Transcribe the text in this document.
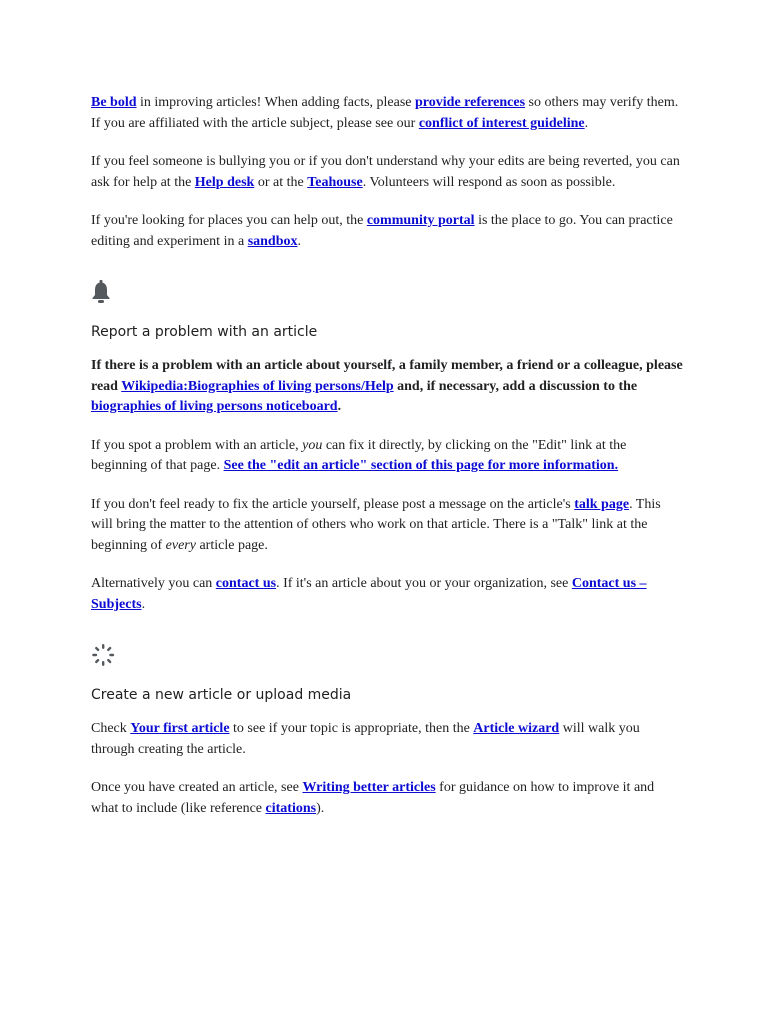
Be bold in improving articles! When adding facts, please provide references so others may verify them. If you are affiliated with the article subject, please see our conflict of interest guideline.

If you feel someone is bullying you or if you don't understand why your edits are being reverted, you can ask for help at the Help desk or at the Teahouse. Volunteers will respond as soon as possible.

If you're looking for places you can help out, the community portal is the place to go. You can practice editing and experiment in a sandbox.

Report a problem with an article

If there is a problem with an article about yourself, a family member, a friend or a colleague, please read Wikipedia:Biographies of living persons/Help and, if necessary, add a discussion to the biographies of living persons noticeboard.

If you spot a problem with an article, you can fix it directly, by clicking on the "Edit" link at the beginning of that page. See the "edit an article" section of this page for more information.

If you don't feel ready to fix the article yourself, please post a message on the article's talk page. This will bring the matter to the attention of others who work on that article. There is a "Talk" link at the beginning of every article page.

Alternatively you can contact us. If it's an article about you or your organization, see Contact us – Subjects.

Create a new article or upload media

Check Your first article to see if your topic is appropriate, then the Article wizard will walk you through creating the article.

Once you have created an article, see Writing better articles for guidance on how to improve it and what to include (like reference citations).
